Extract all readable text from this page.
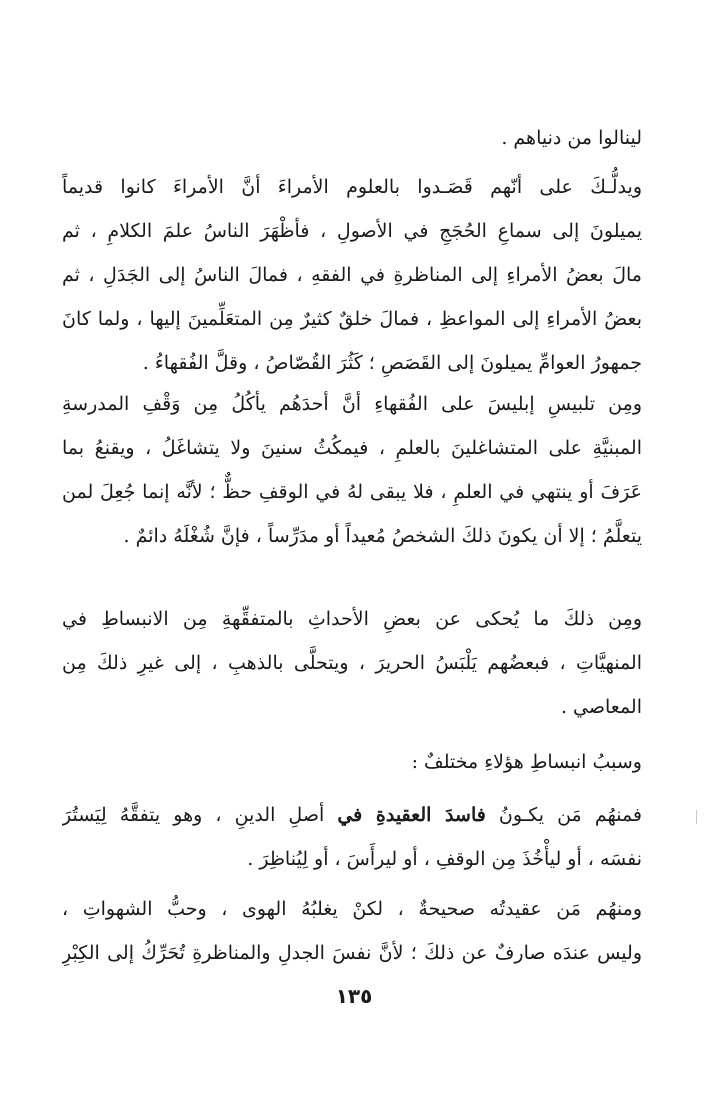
لينالوا من دنياهم .
ويدلُّـكَ على أنّهم قَصَـدوا بالعلوم الأمراءَ أنَّ الأمراءَ كانوا قديماً
يميلونَ إلى سماعِ الحُجَجِ في الأصولِ ، فأظْهَرَ الناسُ علمَ الكلامِ ، ثم
مالَ بعضُ الأمراءِ إلى المناظرةِ في الفقهِ ، فمالَ الناسُ إلى الجَدَلِ ، ثم
بعضُ الأمراءِ إلى المواعظِ ، فمالَ خلقٌ كثيرٌ مِن المتعَلِّمينَ إليها ، ولما كانَ
جمهورُ العوامِّ يميلونَ إلى القَصَصِ ؛ كَثُرَ القُصّاصُ ، وقلَّ الفُقهاءُ .
ومِن تلبيسِ إبليسَ على الفُقهاءِ أنَّ أحدَهُم يأكُلُ مِن وَقْفِ المدرسةِ
المبنيَّةِ على المتشاغلينَ بالعلمِ ، فيمكُثُ سنينَ ولا يتشاغَلُ ، ويقنعُ بما
عَرَفَ أو ينتهي في العلمِ ، فلا يبقى لهُ في الوقفِ حظٌّ ؛ لأنَّه إنما جُعِلَ لمن
يتعلَّمُ ؛ إلا أن يكونَ ذلكَ الشخصُ مُعيداً أو مدَرِّساً ، فإنَّ شُغْلَهُ دائمٌ .
ومِن ذلكَ ما يُحكى عن بعضِ الأحداثِ بالمتفقِّهةِ مِن الانبساطِ في
المنهيَّاتِ ، فبعضُهم يَلْبَسُ الحريرَ ، ويتحلَّى بالذهبِ ، إلى غيرِ ذلكَ مِن
المعاصي .
وسببُ انبساطِ هؤلاءِ مختلفٌ :
فمنهُم مَن يكـونُ فاسدَ العقيدةِ في أصلِ الدينِ ، وهو يتفقَّهُ لِيَستُرَ
نفسَه ، أو ليأْخُذَ مِن الوقفِ ، أو ليرأَسَ ، أو لِيُناظِرَ .
ومنهُم مَن عقيدتُه صحيحةٌ ، لكنْ يغلبُهُ الهوى ، وحبُّ الشهواتِ ،
وليس عندَه صارفٌ عن ذلكَ ؛ لأنَّ نفسَ الجدلِ والمناظرةِ تُحَرِّكُ إلى الكِبْرِ
١٣٥
